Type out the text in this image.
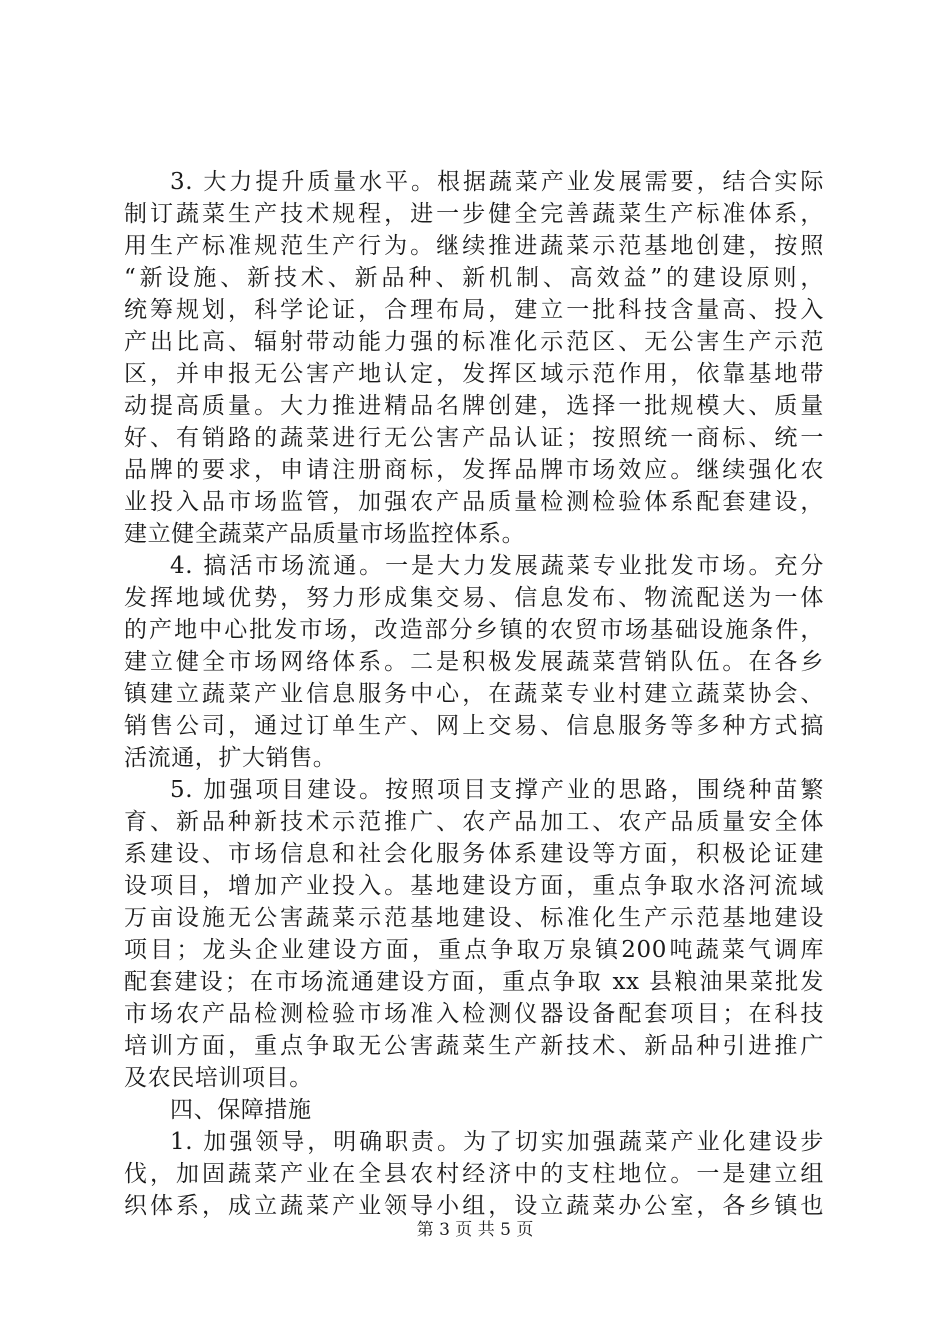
3. 大力提升质量水平。根据蔬菜产业发展需要，结合实际
制订蔬菜生产技术规程，进一步健全完善蔬菜生产标准体系，
用生产标准规范生产行为。继续推进蔬菜示范基地创建，按照
“新设施、新技术、新品种、新机制、高效益”的建设原则，
统筹规划，科学论证，合理布局，建立一批科技含量高、投入
产出比高、辐射带动能力强的标准化示范区、无公害生产示范
区，并申报无公害产地认定，发挥区域示范作用，依靠基地带
动提高质量。大力推进精品名牌创建，选择一批规模大、质量
好、有销路的蔬菜进行无公害产品认证；按照统一商标、统一
品牌的要求，申请注册商标，发挥品牌市场效应。继续强化农
业投入品市场监管，加强农产品质量检测检验体系配套建设，
建立健全蔬菜产品质量市场监控体系。
4. 搞活市场流通。一是大力发展蔬菜专业批发市场。充分
发挥地域优势，努力形成集交易、信息发布、物流配送为一体
的产地中心批发市场，改造部分乡镇的农贸市场基础设施条件，
建立健全市场网络体系。二是积极发展蔬菜营销队伍。在各乡
镇建立蔬菜产业信息服务中心，在蔬菜专业村建立蔬菜协会、
销售公司，通过订单生产、网上交易、信息服务等多种方式搞
活流通，扩大销售。
5. 加强项目建设。按照项目支撑产业的思路，围绕种苗繁
育、新品种新技术示范推广、农产品加工、农产品质量安全体
系建设、市场信息和社会化服务体系建设等方面，积极论证建
设项目，增加产业投入。基地建设方面，重点争取水洛河流域
万亩设施无公害蔬菜示范基地建设、标准化生产示范基地建设
项目；龙头企业建设方面，重点争取万泉镇200吨蔬菜气调库
配套建设；在市场流通建设方面，重点争取 xx 县粮油果菜批发
市场农产品检测检验市场准入检测仪器设备配套项目；在科技
培训方面，重点争取无公害蔬菜生产新技术、新品种引进推广
及农民培训项目。
四、保障措施
1. 加强领导，明确职责。为了切实加强蔬菜产业化建设步
伐，加固蔬菜产业在全县农村经济中的支柱地位。一是建立组
织体系，成立蔬菜产业领导小组，设立蔬菜办公室，各乡镇也
第 3 页 共 5 页
